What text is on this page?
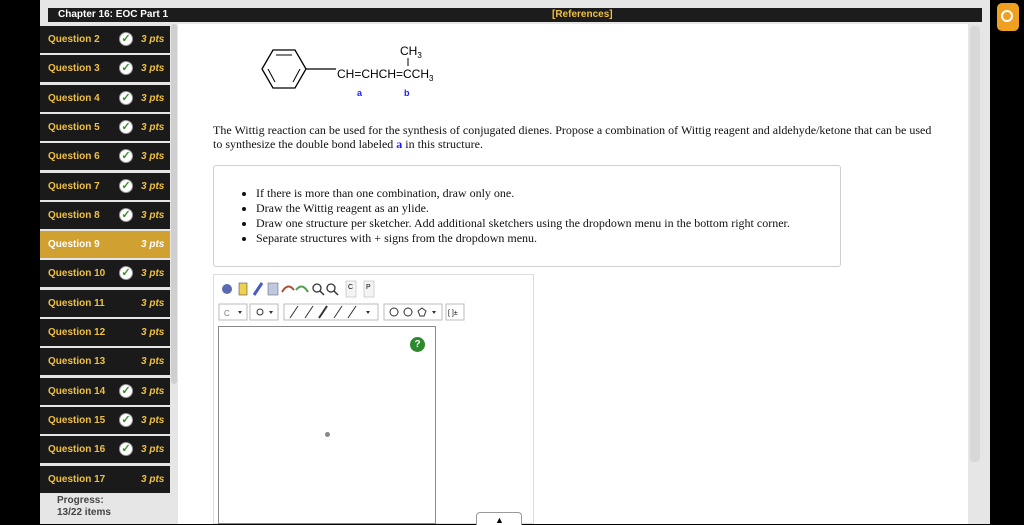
Chapter 16: EOC Part 1	[References]
Question 2 ✓ 3 pts
Question 3 ✓ 3 pts
Question 4 ✓ 3 pts
Question 5 ✓ 3 pts
Question 6 ✓ 3 pts
Question 7 ✓ 3 pts
Question 8 ✓ 3 pts
Question 9	3 pts
Question 10 ✓ 3 pts
Question 11	3 pts
Question 12	3 pts
Question 13	3 pts
Question 14 ✓ 3 pts
Question 15 ✓ 3 pts
Question 16 ✓ 3 pts
Question 17	3 pts
Progress:
13/22 items
$CH_3$
$CH=CHCH=CCH_3$
a	b
The Wittig reaction can be used for the synthesis of conjugated dienes. Propose a combination of Wittig reagent and aldehyde/ketone that can be used to synthesize the double bond labeled a in this structure.
• If there is more than one combination, draw only one.
• Draw the Wittig reagent as an ylide.
• Draw one structure per sketcher. Add additional sketchers using the dropdown menu in the bottom right corner.
• Separate structures with + signs from the dropdown menu.
C P
C	[ ]±
?
▲
